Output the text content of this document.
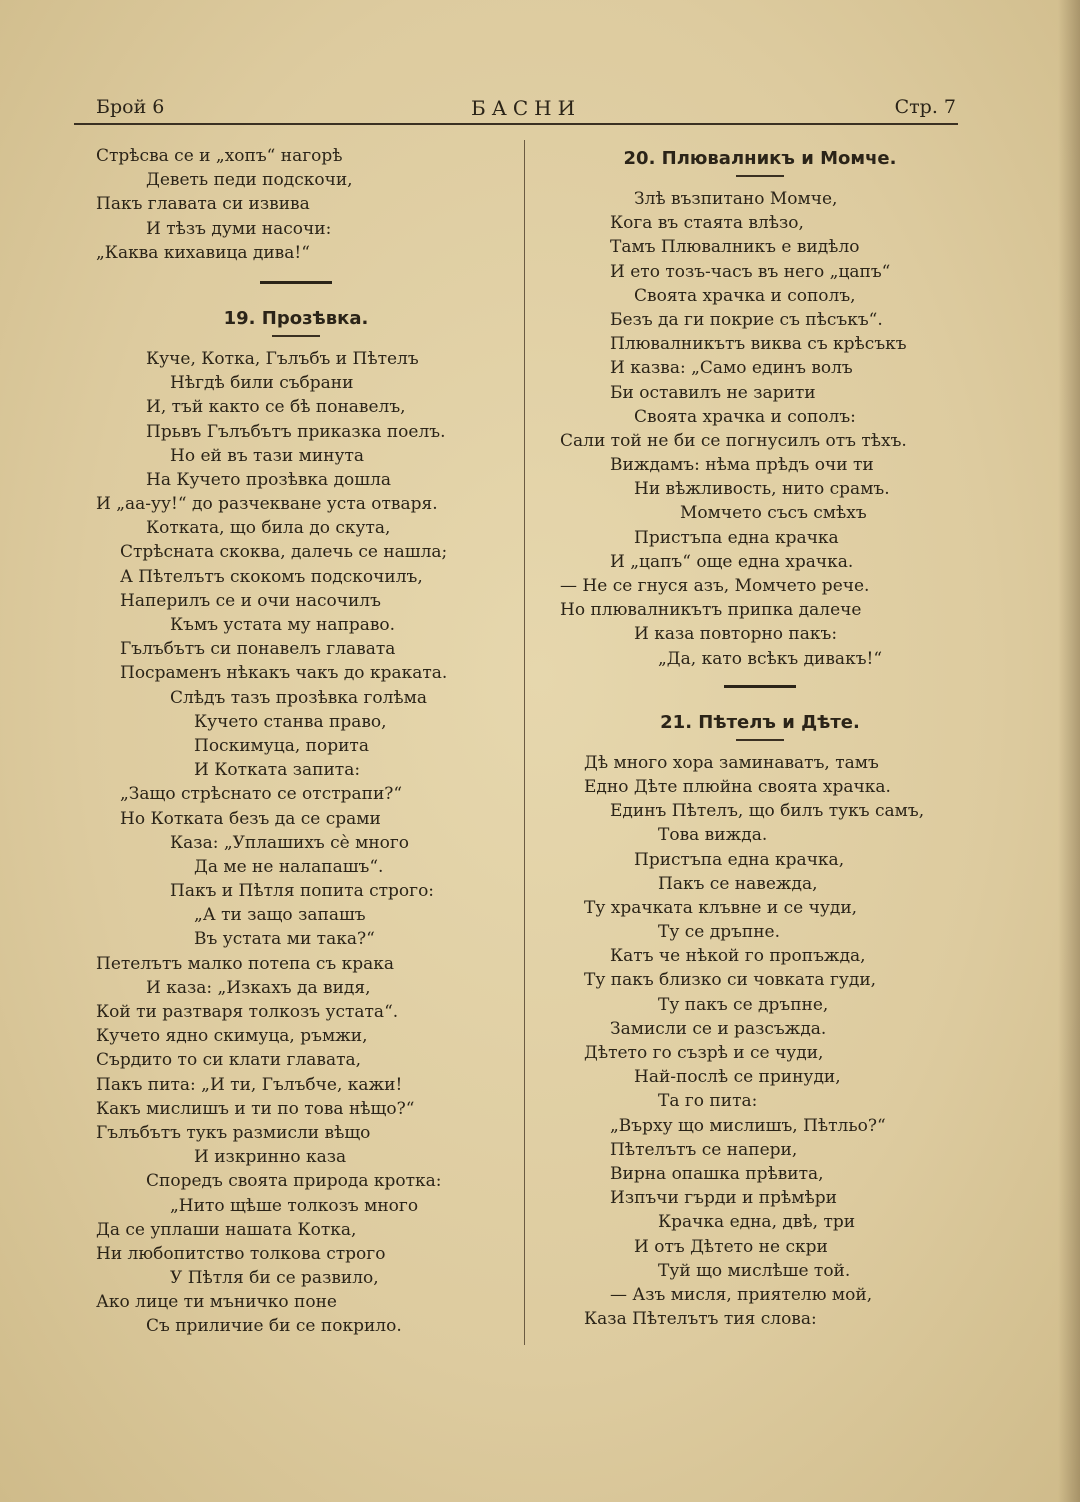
Брой 6	БАСНИ	Стр. 7
Стрѣсва се и „хопъ“ нагорѣ
Деветь педи подскочи,
Пакъ главата си извива
И тѣзъ думи насочи:
„Каква кихавица дива!“
19. Прозѣвка.
Куче, Котка, Гълъбъ и Пѣтелъ
Нѣгдѣ били събрани
И, тъй както се бѣ понавелъ,
Прьвъ Гълъбътъ приказка поелъ.
Но ей въ тази минута
На Кучето прозѣвка дошла
И „аа-уу!“ до разчекване уста отваря.
Котката, що била до скута,
Стрѣсната скоква, далечь се нашла;
А Пѣтелътъ скокомъ подскочилъ,
Наперилъ се и очи насочилъ
Къмъ устата му направо.
Гълъбътъ си понавелъ главата
Посраменъ нѣкакъ чакъ до краката.
Слѣдъ тазъ прозѣвка голѣма
Кучето станва право,
Поскимуца, порита
И Котката запита:
„Защо стрѣснато се отстрапи?“
Но Котката безъ да се срами
Каза: „Уплашихъ сѐ много
Да ме не налапашъ“.
Пакъ и Пѣтля попита строго:
„А ти защо запашъ
Въ устата ми така?“
Петелътъ малко потепа съ крака
И каза: „Изкахъ да видя,
Кой ти разтваря толкозъ устата“.
Кучето ядно скимуца, ръмжи,
Сърдито то си клати главата,
Пакъ пита: „И ти, Гълъбче, кажи!
Какъ мислишъ и ти по това нѣщо?“
Гълъбътъ тукъ размисли вѣщо
И изкринно каза
Споредъ своята природа кротка:
„Нито щѣше толкозъ много
Да се уплаши нашата Котка,
Ни любопитство толкова строго
У Пѣтля би се развило,
Ако лице ти мъничко поне
Съ приличие би се покрило.
20. Плювалникъ и Момче.
Злѣ възпитано Момче,
Кога въ стаята влѣзо,
Тамъ Плювалникъ е видѣло
И ето тозъ-часъ въ него „цапъ“
Своята храчка и сополъ,
Безъ да ги покрие съ пѣсъкъ“.
Плювалникътъ виква съ крѣсъкъ
И казва: „Само единъ волъ
Би оставилъ не зарити
Своята храчка и сополъ:
Сали той не би се погнусилъ отъ тѣхъ.
Виждамъ: нѣма прѣдъ очи ти
Ни вѣжливость, нито срамъ.
Момчето съсъ смѣхъ
Пристъпа една крачка
И „цапъ“ още една храчка.
— Не се гнуся азъ, Момчето рече.
Но плювалникътъ припка далече
И каза повторно пакъ:
„Да, като всѣкъ дивакъ!“
21. Пѣтелъ и Дѣте.
Дѣ много хора заминаватъ, тамъ
Едно Дѣте плюйна своята храчка.
Единъ Пѣтелъ, що билъ тукъ самъ,
Това вижда.
Пристъпа една крачка,
Пакъ се навежда,
Ту храчката клъвне и се чуди,
Ту се дръпне.
Катъ че нѣкой го пропъжда,
Ту пакъ близко си човката гуди,
Ту пакъ се дръпне,
Замисли се и разсъжда.
Дѣтето го съзрѣ и се чуди,
Най-послѣ се принуди,
Та го пита:
„Върху що мислишъ, Пѣтльо?“
Пѣтелътъ се напери,
Вирна опашка прѣвита,
Изпъчи гърди и прѣмѣри
Крачка една, двѣ, три
И отъ Дѣтето не скри
Туй що мислѣше той.
— Азъ мисля, приятелю мой,
Каза Пѣтелътъ тия слова:
